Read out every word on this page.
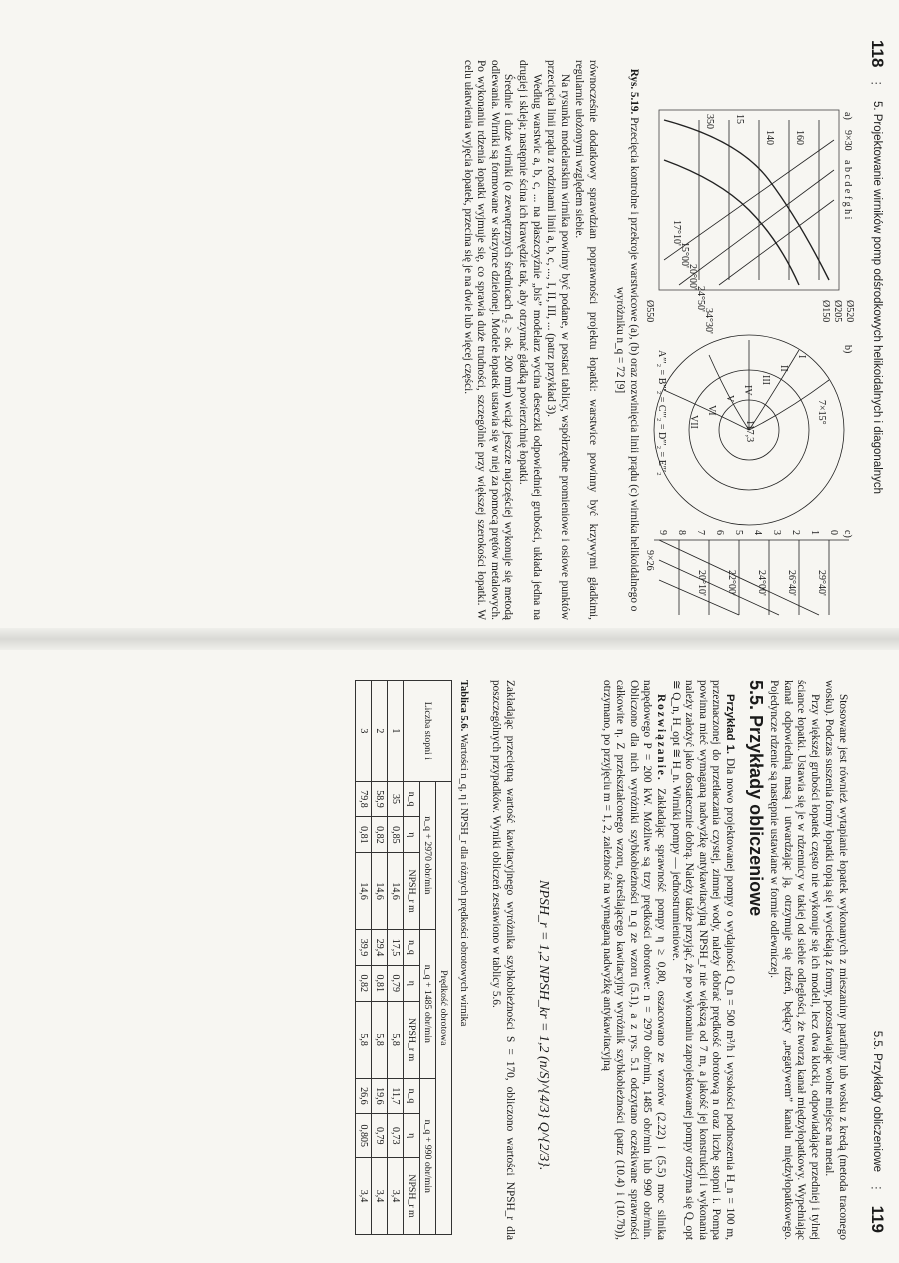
118
⋮
5. Projektowanie wirników pomp odśrodkowych helikoidalnych i diagonalnych
a)
b)
c)
9×30
a b c d e f g h i
Ø520
Ø205
Ø150
Ø550
160
140
15
350
7×15°
117,3
9×26
A″′₂ = B″′₂ = C″′₂ = D″′₂ = E″′₂	I
II
III
IV
V
VI
VII
0
1
2
3
4
5
6
7
8
9
29°40'
26°40'
24°00'
22°00'
20°10'
17°10'
15°00'
20°00'
24°50'
34°30'
Rys. 5.19. Przecięcia kontrolne i przekroje warstwicowe (a), (b) oraz rozwinięcia linii prądu (c) wirnika helikoidalnego o wyróżniku n_q = 72 [9]

równocześnie dodatkowy sprawdzian poprawności projektu łopatki: warstwice powinny być krzywymi gładkimi, regularnie ułożonymi względem siebie.

Na rysunku modelarskim wirnika powinny być podane, w postaci tablicy, współrzędne promieniowe i osiowe punktów przecięcia linii prądu z rodzinami linii a, b, c, ..., I, II, III, ... (patrz przykład 3).

Według warstwic a, b, c, ... na płaszczyźnie „bis” modelarz wycina deseczki odpowiedniej grubości, układa jedna na drugiej i skleja; następnie ścina ich krawędzie tak, aby otrzymać gładką powierzchnię łopatki.

Średnie i duże wirniki (o zewnętrznych średnicach d₂ ≥ ok. 200 mm) wciąż jeszcze najczęściej wykonuje się metodą odlewania. Wirniki są formowane w skrzynce dzielonej. Modele łopatek ustawia się w niej za pomocą prętów metalowych. Po wykonaniu rdzenia łopatki wyjmuje się, co sprawia duże trudności, szczególnie przy większej szerokości łopatki. W celu ułatwienia wyjęcia łopatek, przecina się je na dwie lub więcej części.

5.5. Przykłady obliczeniowe
⋮
119

Stosowane jest również wytapianie łopatek wykonanych z mieszaniny parafiny lub wosku z kredą (metoda traconego wosku). Podczas suszenia formy łopatki topią się i wyciekają z formy, pozostawiając wolne miejsce na metal.

Przy większej grubości łopatek często nie wykonuje się ich modeli, lecz dwa klocki, odpowiadające przedniej i tylnej ściance łopatki. Ustawia się je w rdzennicy w takiej od siebie odległości, że tworzą kanał międzyłopatkowy. Wypełniając kanał odpowiednią masą i utwardzając ją, otrzymuje się rdzeń, będący „negatywem” kanału międzyłopatkowego. Pojedyncze rdzenie są następnie ustawiane w formie odlewniczej.

5.5. Przykłady obliczeniowe

Przykład 1. Dla nowo projektowanej pompy o wydajności Q_n = 500 m³/h i wysokości podnoszenia H_n = 100 m, przeznaczonej do przetłaczania czystej, zimnej wody, należy dobrać prędkość obrotową n oraz liczbę stopni i. Pompa powinna mieć wymaganą nadwyżkę antykawitacyjną NPSH_r nie większą od 7 m, a jakość jej konstrukcji i wykonania należy założyć jako dostatecznie dobrą. Należy także przyjąć, że po wykonaniu zaprojektowanej pompy otrzyma się Q_opt ≅ Q_n, H_opt ≅ H_n. Wirniki pompy — jednostrumieniowe.

Rozwiązanie. Zakładając sprawność pompy η ≥ 0,80, oszacowano ze wzorów (2.22) i (5.5) moc silnika napędowego P = 200 kW. Możliwe są trzy prędkości obrotowe: n = 2970 obr/min, 1485 obr/min lub 990 obr/min. Obliczono dla nich wyróżniki szybkobieżności n_q ze wzoru (5.1), a z rys. 5.1 odczytano oczekiwane sprawności całkowite η. Z przekształconego wzoru, określającego kawitacyjny wyróżnik szybkobieżności (patrz (10.4) i (10.7b)), otrzymano, po przyjęciu m = 1, 2, zależność na wymaganą nadwyżkę antykawitacyjną

NPSH_r = 1,2 NPSH_kr = 1,2 (n/S)^{4/3} Q^{2/3}.

Zakładając przeciętną wartość kawitacyjnego wyróżnika szybkobieżności S = 170, obliczono wartości NPSH_r dla poszczególnych przypadków. Wyniki obliczeń zestawiono w tablicy 5.6.

Tablica 5.6. Wartości n_q, η i NPSH_r dla różnych prędkości obrotowych wirnika
Liczba stopni i	Prędkość obrotowa								
	n_q + 2970 obr/min			n_q + 1485 obr/min			n_q + 990 obr/min		
	n_q	η	NPSH_r m	n_q	η	NPSH_r m	n_q	η	NPSH_r m
1	35	0,85	14,6	17,5	0,79	5,8	11,7	0,73	3,4
2	58,9	0,82	14,6	29,4	0,81	5,8	19,6	0,79	3,4
3	79,8	0,81	14,6	39,9	0,82	5,8	26,6	0,805	3,4
